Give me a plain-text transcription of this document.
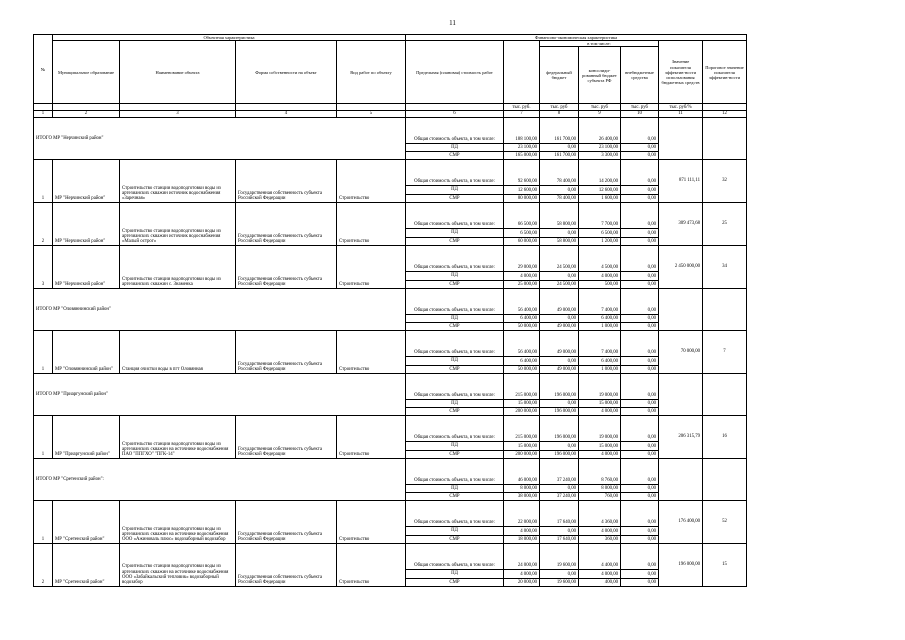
11
№	Объектная характеристика				Финансово-экономическая характеристика						
	Муниципальное образование	Наименование объекта	Форма собственности на объект	Вид работ по объекту	Предельная (плановая) стоимость работ		в том числе:			Значение показателя эффектив-ности использования бюджетных средств	Пороговое значение показателя эффектив-ности
							федеральный бюджет	консолиди-рованный бюджет субъекта РФ	внебюджетные средства		
						тыс. руб.	тыс. руб	тыс. руб	тыс. руб	тыс. руб/%	
1	2	3	4	5	6	7	8	9	10	11	12
ИТОГО МР "Нерчинский район"					Общая стоимость объекта, в том числе:	188 100,00	161 700,00	26 400,00	0,00		
					ПД	23 100,00	0,00	23 100,00	0,00		
					СМР	165 000,00	161 700,00	3 300,00	0,00		
1	МР "Нерчинский район"	Строительство станции водоподготовки воды из артезианских скважин источник водоснабжения «Заречная»	Государственная собственность субъекта Российской Федерации	Строительство	Общая стоимость объекта, в том числе:	92 600,00	78 400,00	14 200,00	0,00	871 111,11	32
					ПД	12 600,00	0,00	12 600,00	0,00		
					СМР	80 000,00	78 400,00	1 600,00	0,00		
2	МР "Нерчинский район"	Строительство станции водоподготовки воды из артезианских скважин источник водоснабжения «Малый острог»	Государственная собственность субъекта Российской Федерации	Строительство	Общая стоимость объекта, в том числе:	66 500,00	58 800,00	7 700,00	0,00	309 473,68	25
					ПД	6 500,00	0,00	6 500,00	0,00		
					СМР	60 000,00	58 800,00	1 200,00	0,00		
3	МР "Нерчинский район"	Строительство станции водоподготовки воды из артезианских скважин с. Знаменка	Государственная собственность субъекта Российской Федерации	Строительство	Общая стоимость объекта, в том числе:	29 000,00	24 500,00	4 500,00	0,00	2 450 000,00	34
					ПД	4 000,00	0,00	4 000,00	0,00		
					СМР	25 000,00	24 500,00	500,00	0,00		
ИТОГО МР "Оловяннинский район"					Общая стоимость объекта, в том числе:	56 400,00	49 000,00	7 400,00	0,00		
					ПД	6 400,00	0,00	6 400,00	0,00		
					СМР	50 000,00	49 000,00	1 000,00	0,00		
1	МР "Оловяннинский район"	Станция очистки воды в пгт Оловянная	Государственная собственность субъекта Российской Федерации	Строительство	Общая стоимость объекта, в том числе:	56 400,00	49 000,00	7 400,00	0,00	70 000,00	7
					ПД	6 400,00	0,00	6 400,00	0,00		
					СМР	50 000,00	49 000,00	1 000,00	0,00		
ИТОГО МР "Приаргунский район"					Общая стоимость объекта, в том числе:	215 000,00	196 000,00	19 000,00	0,00		
					ПД	15 000,00	0,00	15 000,00	0,00		
					СМР	200 000,00	196 000,00	4 000,00	0,00		
1	МР "Приаргунский район"	Строительство станции водоподготовки воды из артезианских скважин на источнике водоснабжения ПАО "ППГХО" "ПГК-14"	Государственная собственность субъекта Российской Федерации	Строительство	Общая стоимость объекта, в том числе:	215 000,00	196 000,00	19 000,00	0,00	206 315,79	16
					ПД	15 000,00	0,00	15 000,00	0,00		
					СМР	200 000,00	196 000,00	4 000,00	0,00		
ИТОГО МР "Сретенский район":					Общая стоимость объекта, в том числе:	46 000,00	37 240,00	8 760,00	0,00		
					ПД	8 000,00	0,00	8 000,00	0,00		
					СМР	38 000,00	37 240,00	760,00	0,00		
1	МР "Сретенский район"	Строительство станции водоподготовки воды из артезианских скважин на источнике водоснабжения ООО «Ажиноваль плюс» водозаборный водозабор	Государственная собственность субъекта Российской Федерации	Строительство	Общая стоимость объекта, в том числе:	22 000,00	17 640,00	4 360,00	0,00	176 400,00	52
					ПД	4 000,00	0,00	4 000,00	0,00		
					СМР	18 000,00	17 640,00	360,00	0,00		
2	МР "Сретенский район"	Строительство станции водоподготовки воды из артезианских скважин на источнике водоснабжения ООО «Забайкальский тепловик» водозаборный водозабор	Государственная собственность субъекта Российской Федерации	Строительство	Общая стоимость объекта, в том числе:	24 000,00	19 600,00	4 400,00	0,00	196 000,00	15
					ПД	4 000,00	0,00	4 000,00	0,00		
					СМР	20 000,00	19 600,00	400,00	0,00		
